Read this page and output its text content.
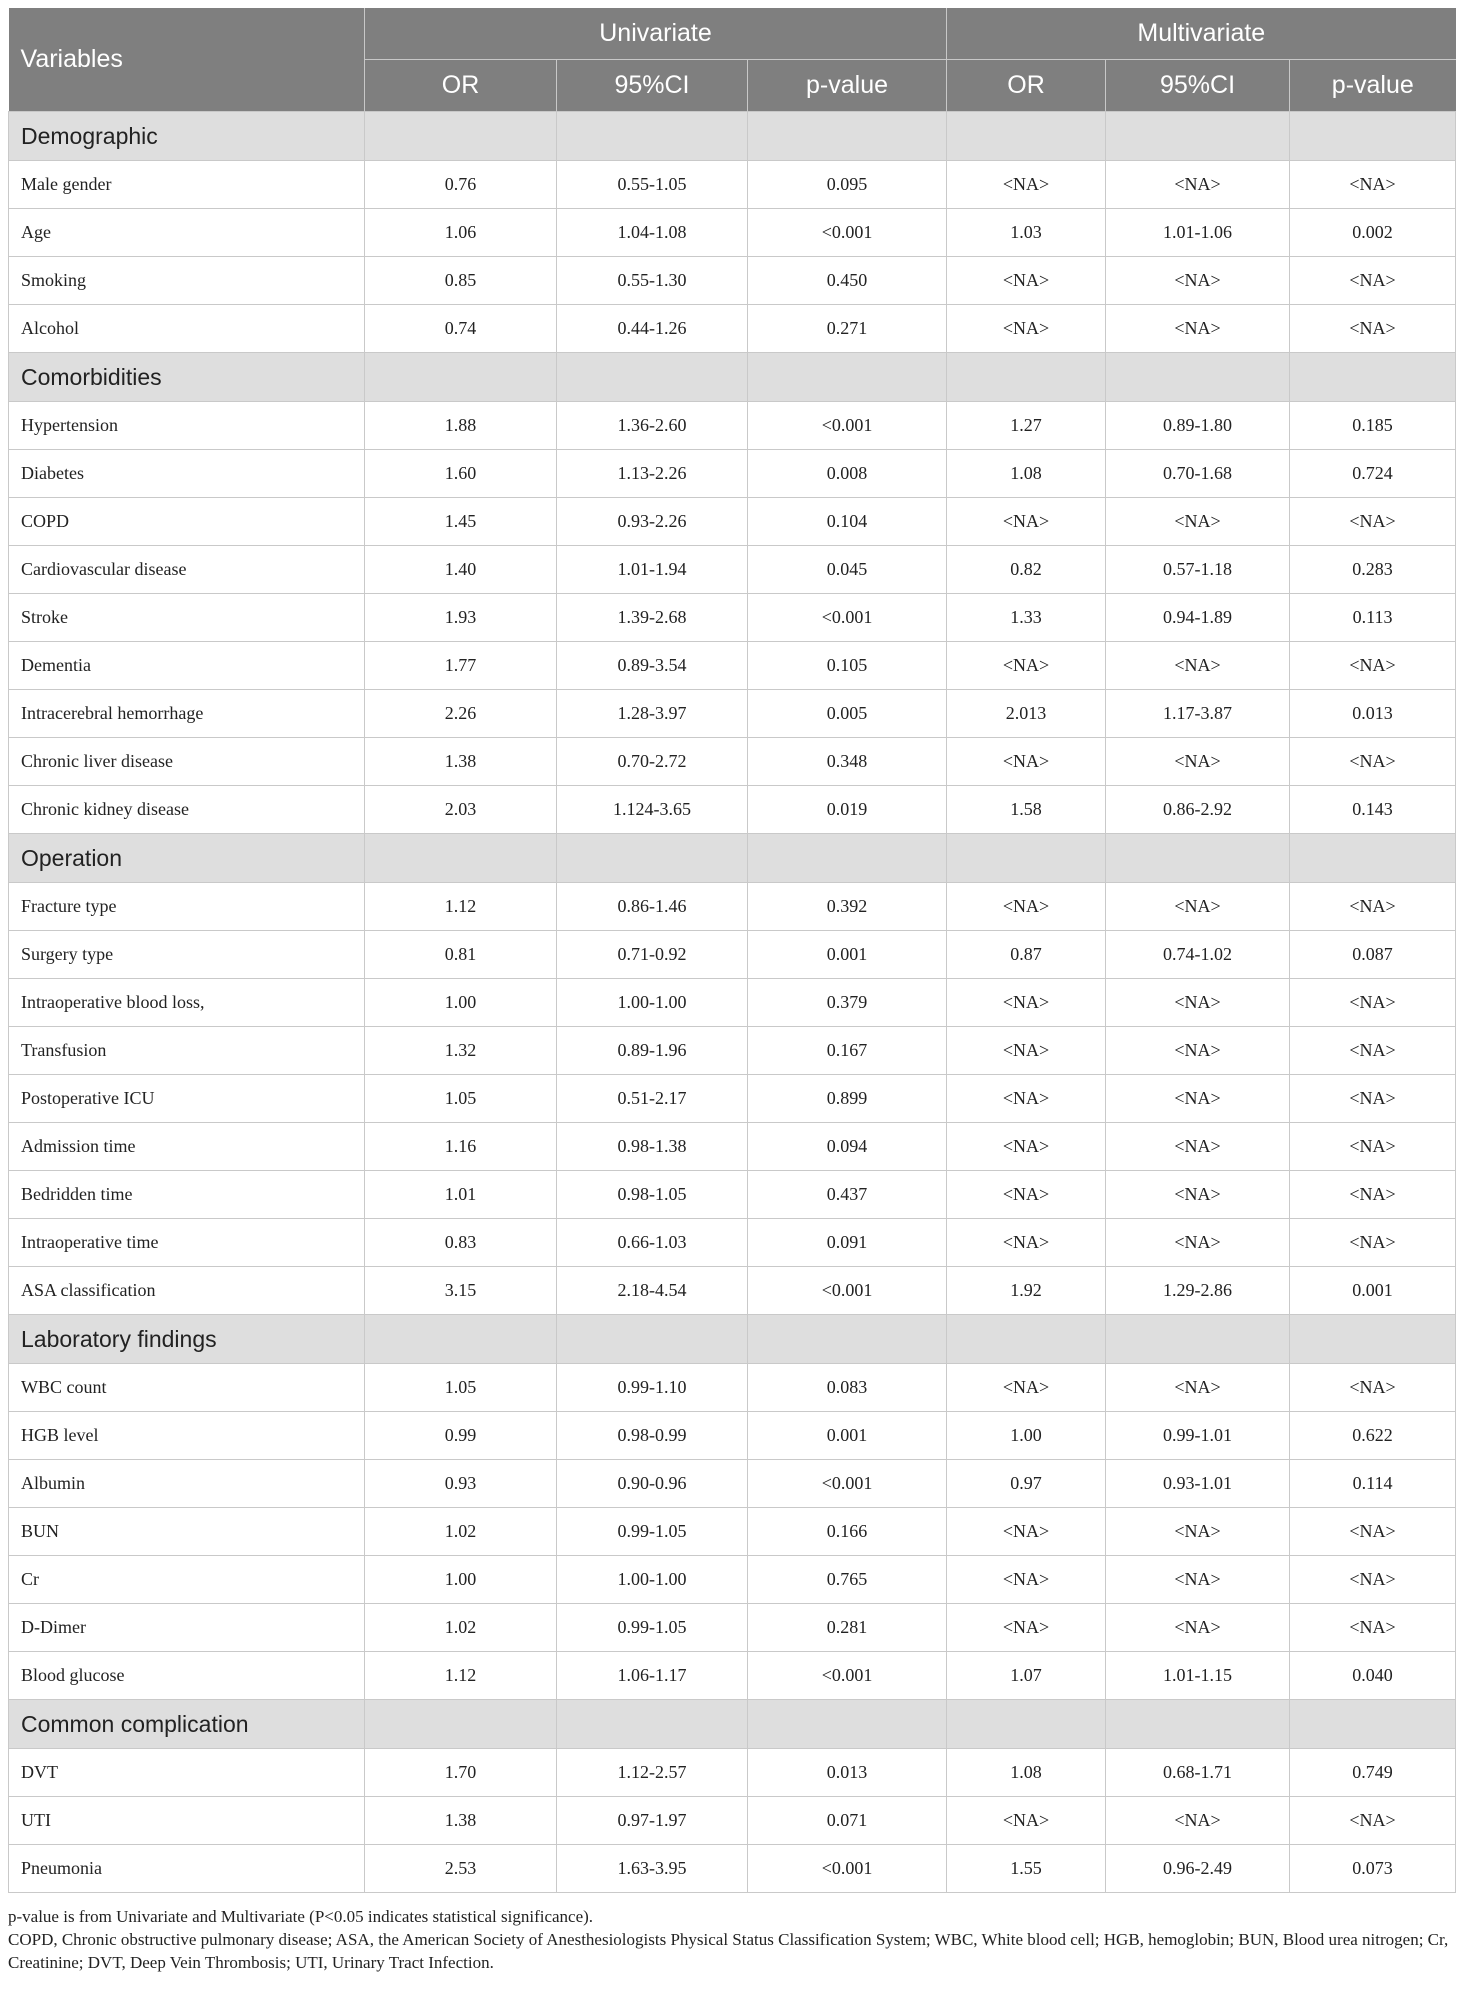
Variables	Univariate			Multivariate		
	OR	95%CI	p-value	OR	95%CI	p-value
Demographic						
Male gender	0.76	0.55-1.05	0.095	<NA>	<NA>	<NA>
Age	1.06	1.04-1.08	<0.001	1.03	1.01-1.06	0.002
Smoking	0.85	0.55-1.30	0.450	<NA>	<NA>	<NA>
Alcohol	0.74	0.44-1.26	0.271	<NA>	<NA>	<NA>
Comorbidities						
Hypertension	1.88	1.36-2.60	<0.001	1.27	0.89-1.80	0.185
Diabetes	1.60	1.13-2.26	0.008	1.08	0.70-1.68	0.724
COPD	1.45	0.93-2.26	0.104	<NA>	<NA>	<NA>
Cardiovascular disease	1.40	1.01-1.94	0.045	0.82	0.57-1.18	0.283
Stroke	1.93	1.39-2.68	<0.001	1.33	0.94-1.89	0.113
Dementia	1.77	0.89-3.54	0.105	<NA>	<NA>	<NA>
Intracerebral hemorrhage	2.26	1.28-3.97	0.005	2.013	1.17-3.87	0.013
Chronic liver disease	1.38	0.70-2.72	0.348	<NA>	<NA>	<NA>
Chronic kidney disease	2.03	1.124-3.65	0.019	1.58	0.86-2.92	0.143
Operation						
Fracture type	1.12	0.86-1.46	0.392	<NA>	<NA>	<NA>
Surgery type	0.81	0.71-0.92	0.001	0.87	0.74-1.02	0.087
Intraoperative blood loss,	1.00	1.00-1.00	0.379	<NA>	<NA>	<NA>
Transfusion	1.32	0.89-1.96	0.167	<NA>	<NA>	<NA>
Postoperative ICU	1.05	0.51-2.17	0.899	<NA>	<NA>	<NA>
Admission time	1.16	0.98-1.38	0.094	<NA>	<NA>	<NA>
Bedridden time	1.01	0.98-1.05	0.437	<NA>	<NA>	<NA>
Intraoperative time	0.83	0.66-1.03	0.091	<NA>	<NA>	<NA>
ASA classification	3.15	2.18-4.54	<0.001	1.92	1.29-2.86	0.001
Laboratory findings						
WBC count	1.05	0.99-1.10	0.083	<NA>	<NA>	<NA>
HGB level	0.99	0.98-0.99	0.001	1.00	0.99-1.01	0.622
Albumin	0.93	0.90-0.96	<0.001	0.97	0.93-1.01	0.114
BUN	1.02	0.99-1.05	0.166	<NA>	<NA>	<NA>
Cr	1.00	1.00-1.00	0.765	<NA>	<NA>	<NA>
D-Dimer	1.02	0.99-1.05	0.281	<NA>	<NA>	<NA>
Blood glucose	1.12	1.06-1.17	<0.001	1.07	1.01-1.15	0.040
Common complication						
DVT	1.70	1.12-2.57	0.013	1.08	0.68-1.71	0.749
UTI	1.38	0.97-1.97	0.071	<NA>	<NA>	<NA>
Pneumonia	2.53	1.63-3.95	<0.001	1.55	0.96-2.49	0.073

p-value is from Univariate and Multivariate (P<0.05 indicates statistical significance).

COPD, Chronic obstructive pulmonary disease; ASA, the American Society of Anesthesiologists Physical Status Classification System; WBC, White blood cell; HGB, hemoglobin; BUN, Blood urea nitrogen; Cr, Creatinine; DVT, Deep Vein Thrombosis; UTI, Urinary Tract Infection.
